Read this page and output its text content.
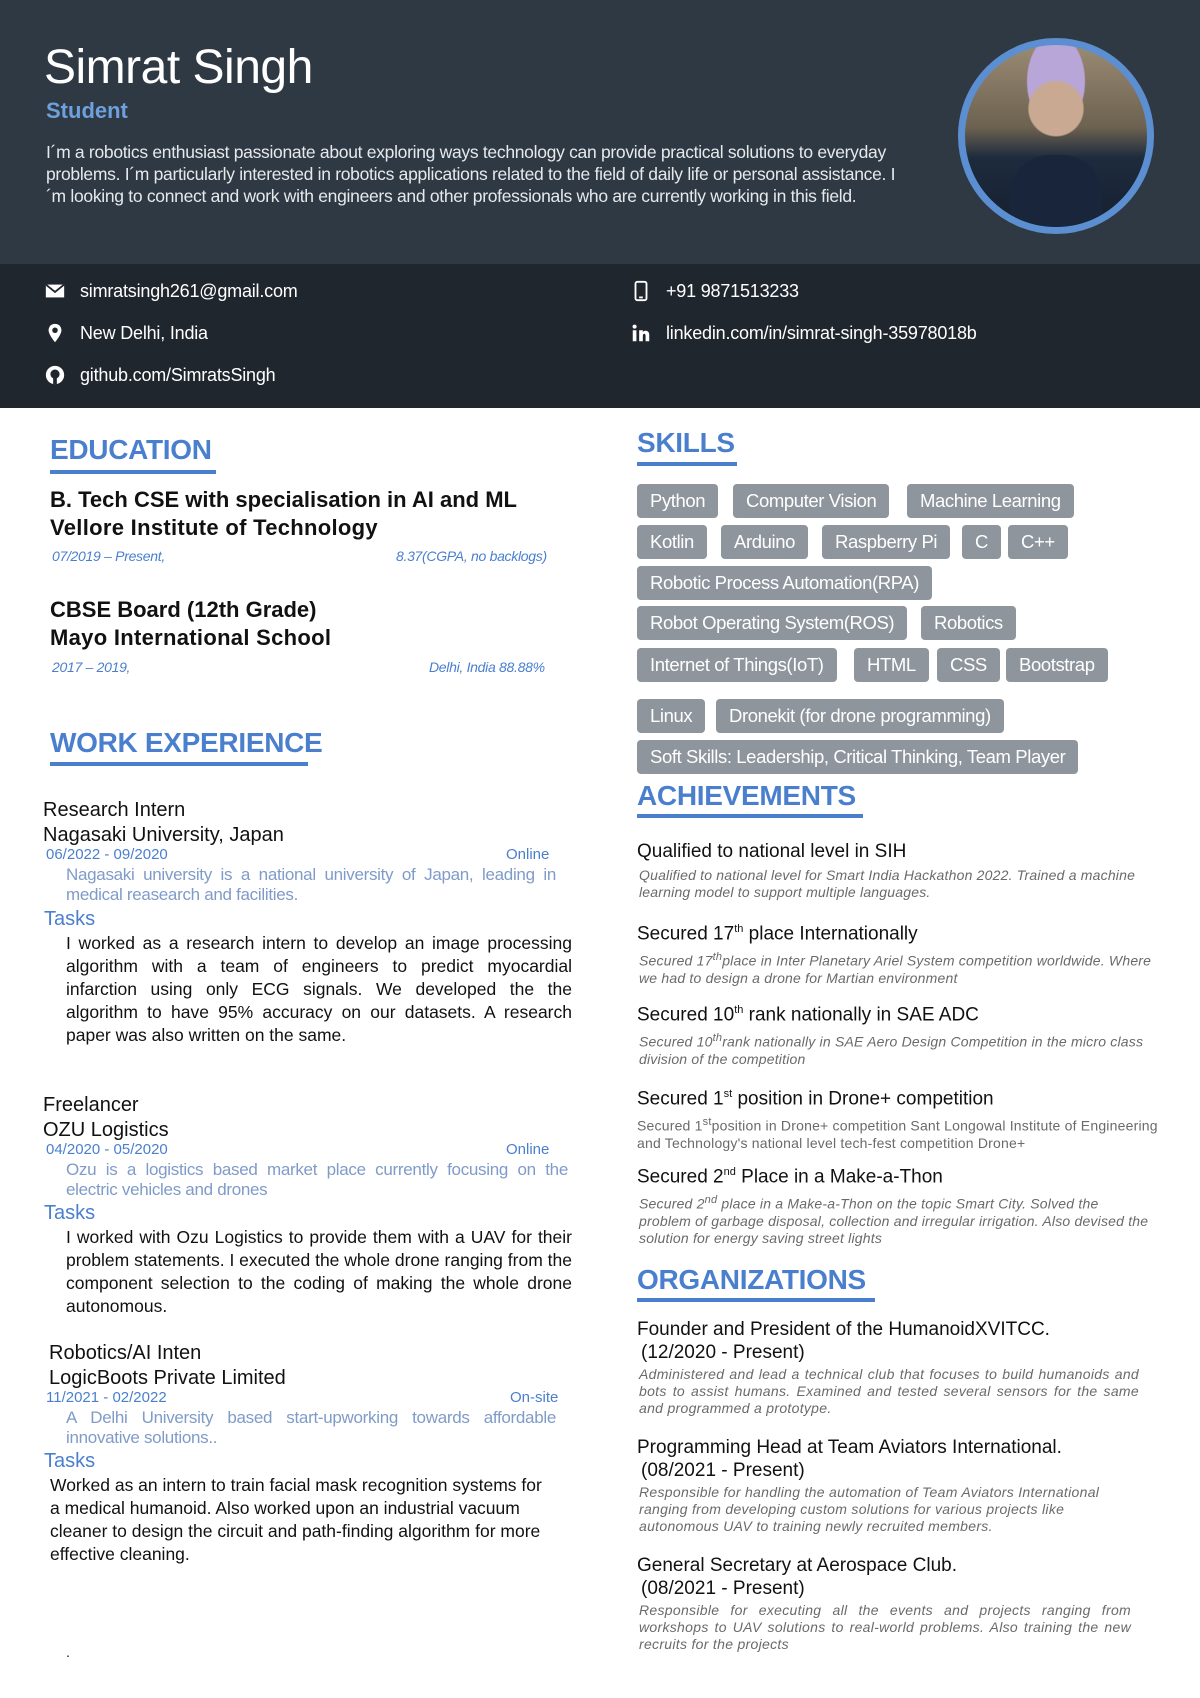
Simrat Singh
Student
I´m a robotics enthusiast passionate about exploring ways technology can provide practical solutions to everyday problems. I´m particularly interested in robotics applications related to the field of daily life or personal assistance. I´m looking to connect and work with engineers and other professionals who are currently working in this field.
simratsingh261@gmail.com	+91 9871513233
New Delhi, India	linkedin.com/in/simrat-singh-35978018b
github.com/SimratsSingh
EDUCATION
B. Tech CSE with specialisation in AI and ML
Vellore Institute of Technology
07/2019 – Present,	8.37(CGPA, no backlogs)
CBSE Board (12th Grade)
Mayo International School
2017 – 2019,	Delhi, India 88.88%
WORK EXPERIENCE
Research Intern
Nagasaki University, Japan
06/2022 - 09/2020	Online
Nagasaki university is a national university of Japan, leading in medical reasearch and facilities.
Tasks
I worked as a research intern to develop an image processing algorithm with a team of engineers to predict myocardial infarction using only ECG signals. We developed the the algorithm to have 95% accuracy on our datasets. A research paper was also written on the same.
Freelancer
OZU Logistics
04/2020 - 05/2020	Online
Ozu is a logistics based market place currently focusing on the electric vehicles and drones
Tasks
I worked with Ozu Logistics to provide them with a UAV for their problem statements. I executed the whole drone ranging from the component selection to the coding of making the whole drone autonomous.
Robotics/AI Inten
LogicBoots Private Limited
11/2021 - 02/2022	On-site
A Delhi University based start-upworking towards affordable innovative solutions..
Tasks
Worked as an intern to train facial mask recognition systems for a medical humanoid. Also worked upon an industrial vacuum cleaner to design the circuit and path-finding algorithm for more effective cleaning.
.
SKILLS
Python	Computer Vision	Machine Learning
Kotlin	Arduino	Raspberry Pi	C	C++
Robotic Process Automation(RPA)
Robot Operating System(ROS)	Robotics
Internet of Things(IoT)	HTML	CSS	Bootstrap
Linux	Dronekit (for drone programming)
Soft Skills: Leadership, Critical Thinking, Team Player
ACHIEVEMENTS
Qualified to national level in SIH
Qualified to national level for Smart India Hackathon 2022. Trained a machine learning model to support multiple languages.
Secured 17th place Internationally
Secured 17thplace in Inter Planetary Ariel System competition worldwide. Where we had to design a drone for Martian environment
Secured 10th rank nationally in SAE ADC
Secured 10thrank nationally in SAE Aero Design Competition in the micro class division of the competition
Secured 1st position in Drone+ competition
Secured 1stposition in Drone+ competition Sant Longowal Institute of Engineering and Technology's national level tech-fest competition Drone+
Secured 2nd Place in a Make-a-Thon
Secured 2nd place in a Make-a-Thon on the topic Smart City. Solved the problem of garbage disposal, collection and irregular irrigation. Also devised the solution for energy saving street lights
ORGANIZATIONS
Founder and President of the HumanoidXVITCC.
(12/2020 - Present)
Administered and lead a technical club that focuses to build humanoids and bots to assist humans. Examined and tested several sensors for the same and programmed a prototype.
Programming Head at Team Aviators International.
(08/2021 - Present)
Responsible for handling the automation of Team Aviators International ranging from developing custom solutions for various projects like autonomous UAV to training newly recruited members.
General Secretary at Aerospace Club.
(08/2021 - Present)
Responsible for executing all the events and projects ranging from workshops to UAV solutions to real-world problems. Also training the new recruits for the projects
